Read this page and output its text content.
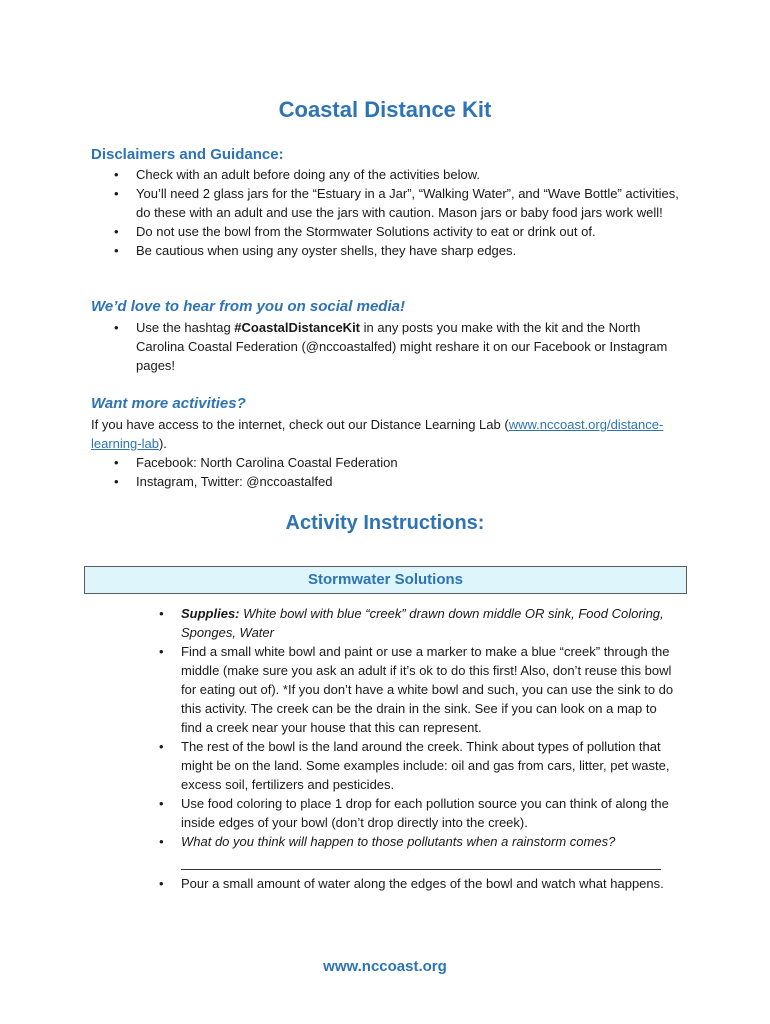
Coastal Distance Kit
Disclaimers and Guidance:
• Check with an adult before doing any of the activities below.
• You’ll need 2 glass jars for the “Estuary in a Jar”, “Walking Water”, and “Wave Bottle” activities, do these with an adult and use the jars with caution. Mason jars or baby food jars work well!
• Do not use the bowl from the Stormwater Solutions activity to eat or drink out of.
• Be cautious when using any oyster shells, they have sharp edges.
We’d love to hear from you on social media!
• Use the hashtag #CoastalDistanceKit in any posts you make with the kit and the North Carolina Coastal Federation (@nccoastalfed) might reshare it on our Facebook or Instagram pages!
Want more activities?

If you have access to the internet, check out our Distance Learning Lab (www.nccoast.org/distance-learning-lab).

• Facebook: North Carolina Coastal Federation
• Instagram, Twitter: @nccoastalfed
Activity Instructions:
Stormwater Solutions
• Supplies: White bowl with blue “creek” drawn down middle OR sink, Food Coloring, Sponges, Water
• Find a small white bowl and paint or use a marker to make a blue “creek” through the middle (make sure you ask an adult if it’s ok to do this first! Also, don’t reuse this bowl for eating out of). *If you don’t have a white bowl and such, you can use the sink to do this activity. The creek can be the drain in the sink. See if you can look on a map to find a creek near your house that this can represent.
• The rest of the bowl is the land around the creek. Think about types of pollution that might be on the land. Some examples include: oil and gas from cars, litter, pet waste, excess soil, fertilizers and pesticides.
• Use food coloring to place 1 drop for each pollution source you can think of along the inside edges of your bowl (don’t drop directly into the creek).
• What do you think will happen to those pollutants when a rainstorm comes?
• Pour a small amount of water along the edges of the bowl and watch what happens.
www.nccoast.org
